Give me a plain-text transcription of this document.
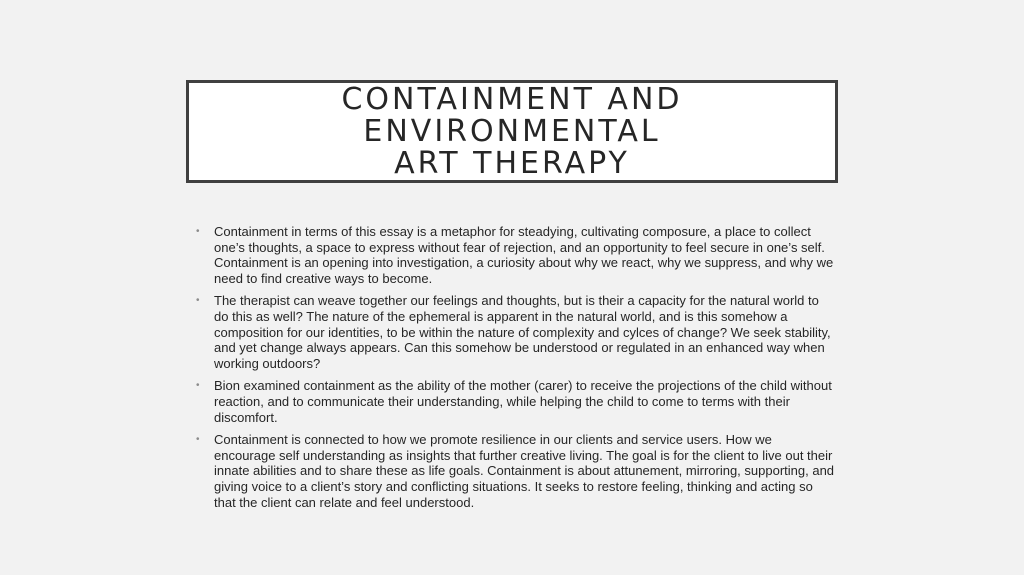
CONTAINMENT AND ENVIRONMENTAL
ART THERAPY
• Containment in terms of this essay is a metaphor for steadying, cultivating composure, a place to collect one’s thoughts, a space to express without fear of rejection, and an opportunity to feel secure in one’s self. Containment is an opening into investigation, a curiosity about why we react, why we suppress, and why we need to find creative ways to become.
• The therapist can weave together our feelings and thoughts, but is their a capacity for the natural world to do this as well? The nature of the ephemeral is apparent in the natural world, and is this somehow a composition for our identities, to be within the nature of complexity and cylces of change? We seek stability, and yet change always appears. Can this somehow be understood or regulated in an enhanced way when working outdoors?
• Bion examined containment as the ability of the mother (carer) to receive the projections of the child without reaction, and to communicate their understanding, while helping the child to come to terms with their discomfort.
• Containment is connected to how we promote resilience in our clients and service users. How we encourage self understanding as insights that further creative living. The goal is for the client to live out their innate abilities and to share these as life goals. Containment is about attunement, mirroring, supporting, and giving voice to a client’s story and conflicting situations. It seeks to restore feeling, thinking and acting so that the client can relate and feel understood.
